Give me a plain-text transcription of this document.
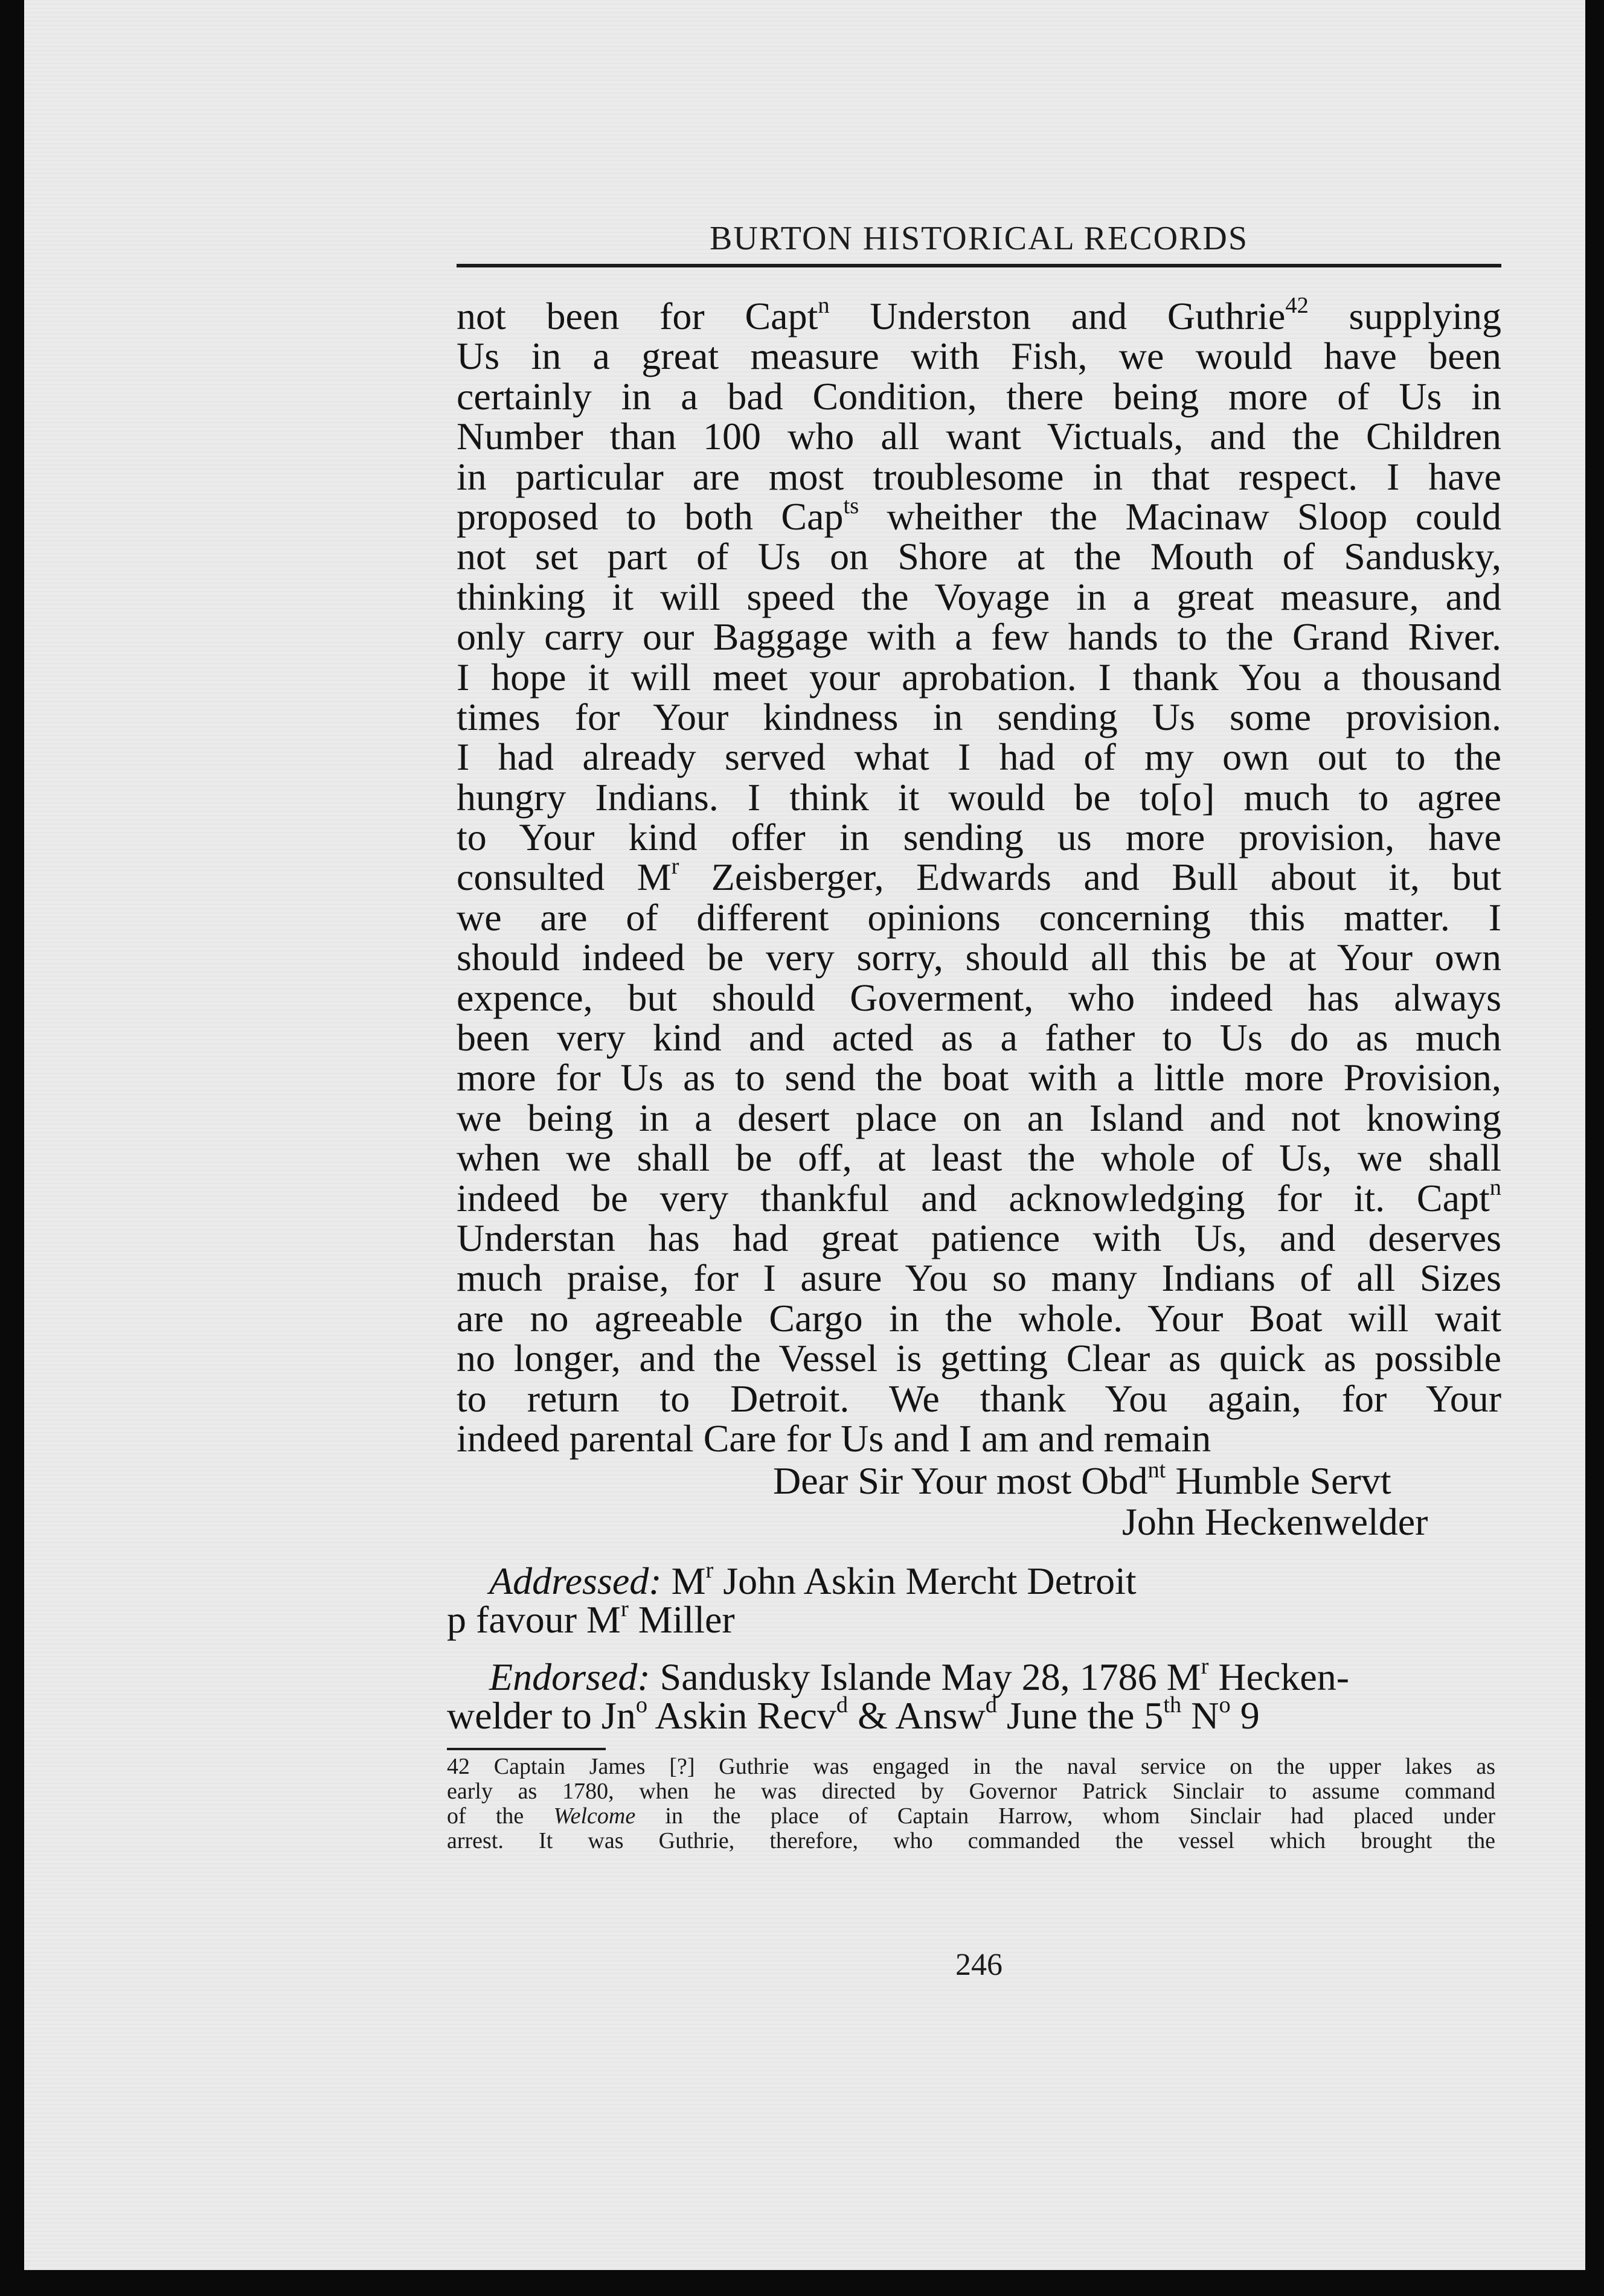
BURTON HISTORICAL RECORDS
not been for Capt$^n$ Underston and Guthrie$^{42}$ supplying
Us in a great measure with Fish, we would have been
certainly in a bad Condition, there being more of Us in
Number than 100 who all want Victuals, and the Children
in particular are most troublesome in that respect. I have
proposed to both Cap$^{ts}$ wheither the Macinaw Sloop could
not set part of Us on Shore at the Mouth of Sandusky,
thinking it will speed the Voyage in a great measure, and
only carry our Baggage with a few hands to the Grand River.
I hope it will meet your aprobation. I thank You a thousand
times for Your kindness in sending Us some provision.
I had already served what I had of my own out to the
hungry Indians. I think it would be to[o] much to agree
to Your kind offer in sending us more provision, have
consulted $M^r$ Zeisberger, Edwards and Bull about it, but
we are of different opinions concerning this matter. I
should indeed be very sorry, should all this be at Your own
expence, but should Goverment, who indeed has always
been very kind and acted as a father to Us do as much
more for Us as to send the boat with a little more Provision,
we being in a desert place on an Island and not knowing
when we shall be off, at least the whole of Us, we shall
indeed be very thankful and acknowledging for it. Capt$^n$
Understan has had great patience with Us, and deserves
much praise, for I asure You so many Indians of all Sizes
are no agreeable Cargo in the whole. Your Boat will wait
no longer, and the Vessel is getting Clear as quick as possible
to return to Detroit. We thank You again, for Your
indeed parental Care for Us and I am and remain
Dear Sir Your most Obd$^{nt}$ Humble Servt
John Heckenwelder
Addressed: $M^r$ John Askin Mercht Detroit
p favour $M^r$ Miller
Endorsed: Sandusky Islande May 28, 1786 $M^r$ Hecken-
welder to Jn$^o$ Askin Recv$^d$ & Answ$^d$ June the 5th $N^o$ 9
42 Captain James [?] Guthrie was engaged in the naval service on the upper lakes as
early as 1780, when he was directed by Governor Patrick Sinclair to assume command
of the Welcome in the place of Captain Harrow, whom Sinclair had placed under
arrest. It was Guthrie, therefore, who commanded the vessel which brought the
246
